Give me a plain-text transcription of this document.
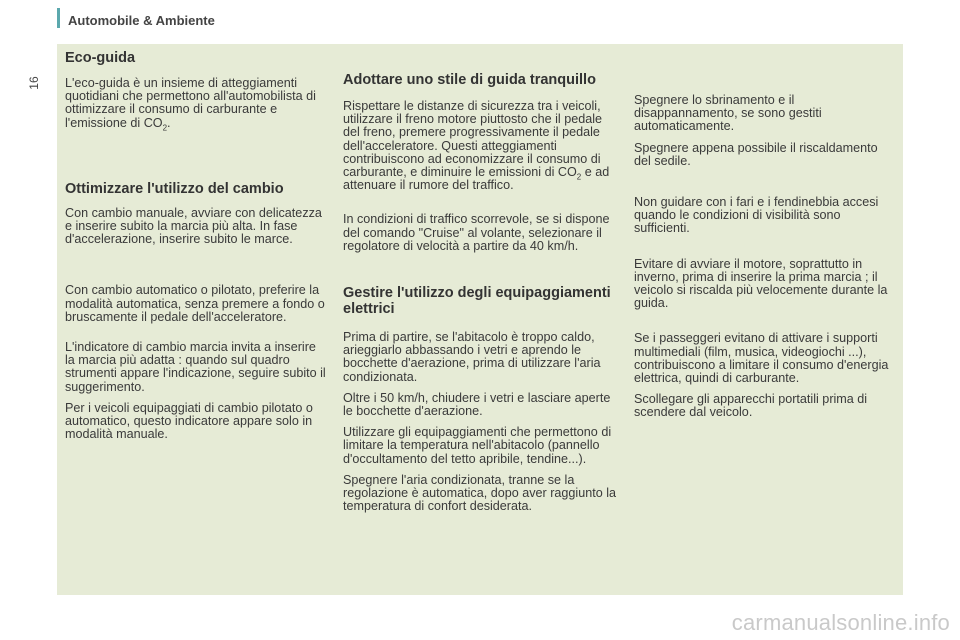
Automobile & Ambiente
16
Eco-guida

L'eco-guida è un insieme di atteggiamenti quotidiani che permettono all'automobilista di ottimizzare il consumo di carburante e l'emissione di $CO_2$.

Ottimizzare l'utilizzo del cambio

Con cambio manuale, avviare con delicatezza e inserire subito la marcia più alta. In fase d'accelerazione, inserire subito le marce.

Con cambio automatico o pilotato, preferire la modalità automatica, senza premere a fondo o bruscamente il pedale dell'acceleratore.

L'indicatore di cambio marcia invita a inserire la marcia più adatta : quando sul quadro strumenti appare l'indicazione, seguire subito il suggerimento.

Per i veicoli equipaggiati di cambio pilotato o automatico, questo indicatore appare solo in modalità manuale.

Adottare uno stile di guida tranquillo

Rispettare le distanze di sicurezza tra i veicoli, utilizzare il freno motore piuttosto che il pedale del freno, premere progressivamente il pedale dell'acceleratore. Questi atteggiamenti contribuiscono ad economizzare il consumo di carburante, e diminuire le emissioni di $CO_2$ e ad attenuare il rumore del traffico.

In condizioni di traffico scorrevole, se si dispone del comando "Cruise" al volante, selezionare il regolatore di velocità a partire da 40 km/h.

Gestire l'utilizzo degli equipaggiamenti elettrici

Prima di partire, se l'abitacolo è troppo caldo, arieggiarlo abbassando i vetri e aprendo le bocchette d'aerazione, prima di utilizzare l'aria condizionata.

Oltre i 50 km/h, chiudere i vetri e lasciare aperte le bocchette d'aerazione.

Utilizzare gli equipaggiamenti che permettono di limitare la temperatura nell'abitacolo (pannello d'occultamento del tetto apribile, tendine...).

Spegnere l'aria condizionata, tranne se la regolazione è automatica, dopo aver raggiunto la temperatura di confort desiderata.

Spegnere lo sbrinamento e il disappannamento, se sono gestiti automaticamente.

Spegnere appena possibile il riscaldamento del sedile.

Non guidare con i fari e i fendinebbia accesi quando le condizioni di visibilità sono sufficienti.

Evitare di avviare il motore, soprattutto in inverno, prima di inserire la prima marcia ; il veicolo si riscalda più velocemente durante la guida.

Se i passeggeri evitano di attivare i supporti multimediali (film, musica, videogiochi ...), contribuiscono a limitare il consumo d'energia elettrica, quindi di carburante.

Scollegare gli apparecchi portatili prima di scendere dal veicolo.

carmanualsonline.info
